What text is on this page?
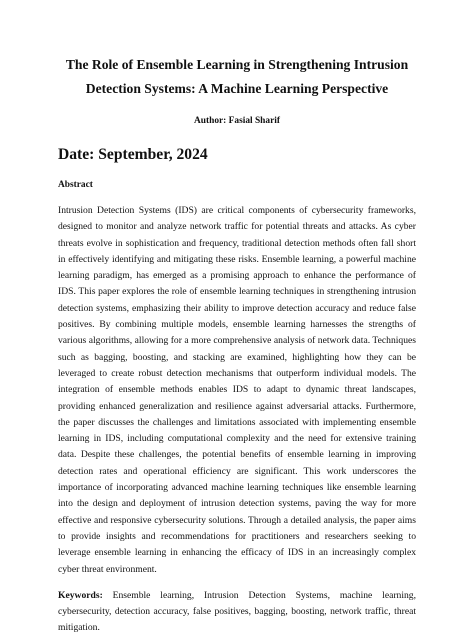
The Role of Ensemble Learning in Strengthening Intrusion
Detection Systems: A Machine Learning Perspective
Author: Fasial Sharif
Date: September, 2024
Abstract

Intrusion Detection Systems (IDS) are critical components of cybersecurity frameworks, designed to monitor and analyze network traffic for potential threats and attacks. As cyber threats evolve in sophistication and frequency, traditional detection methods often fall short in effectively identifying and mitigating these risks. Ensemble learning, a powerful machine learning paradigm, has emerged as a promising approach to enhance the performance of IDS. This paper explores the role of ensemble learning techniques in strengthening intrusion detection systems, emphasizing their ability to improve detection accuracy and reduce false positives. By combining multiple models, ensemble learning harnesses the strengths of various algorithms, allowing for a more comprehensive analysis of network data. Techniques such as bagging, boosting, and stacking are examined, highlighting how they can be leveraged to create robust detection mechanisms that outperform individual models. The integration of ensemble methods enables IDS to adapt to dynamic threat landscapes, providing enhanced generalization and resilience against adversarial attacks. Furthermore, the paper discusses the challenges and limitations associated with implementing ensemble learning in IDS, including computational complexity and the need for extensive training data. Despite these challenges, the potential benefits of ensemble learning in improving detection rates and operational efficiency are significant. This work underscores the importance of incorporating advanced machine learning techniques like ensemble learning into the design and deployment of intrusion detection systems, paving the way for more effective and responsive cybersecurity solutions. Through a detailed analysis, the paper aims to provide insights and recommendations for practitioners and researchers seeking to leverage ensemble learning in enhancing the efficacy of IDS in an increasingly complex cyber threat environment.

Keywords: Ensemble learning, Intrusion Detection Systems, machine learning, cybersecurity, detection accuracy, false positives, bagging, boosting, network traffic, threat mitigation.
